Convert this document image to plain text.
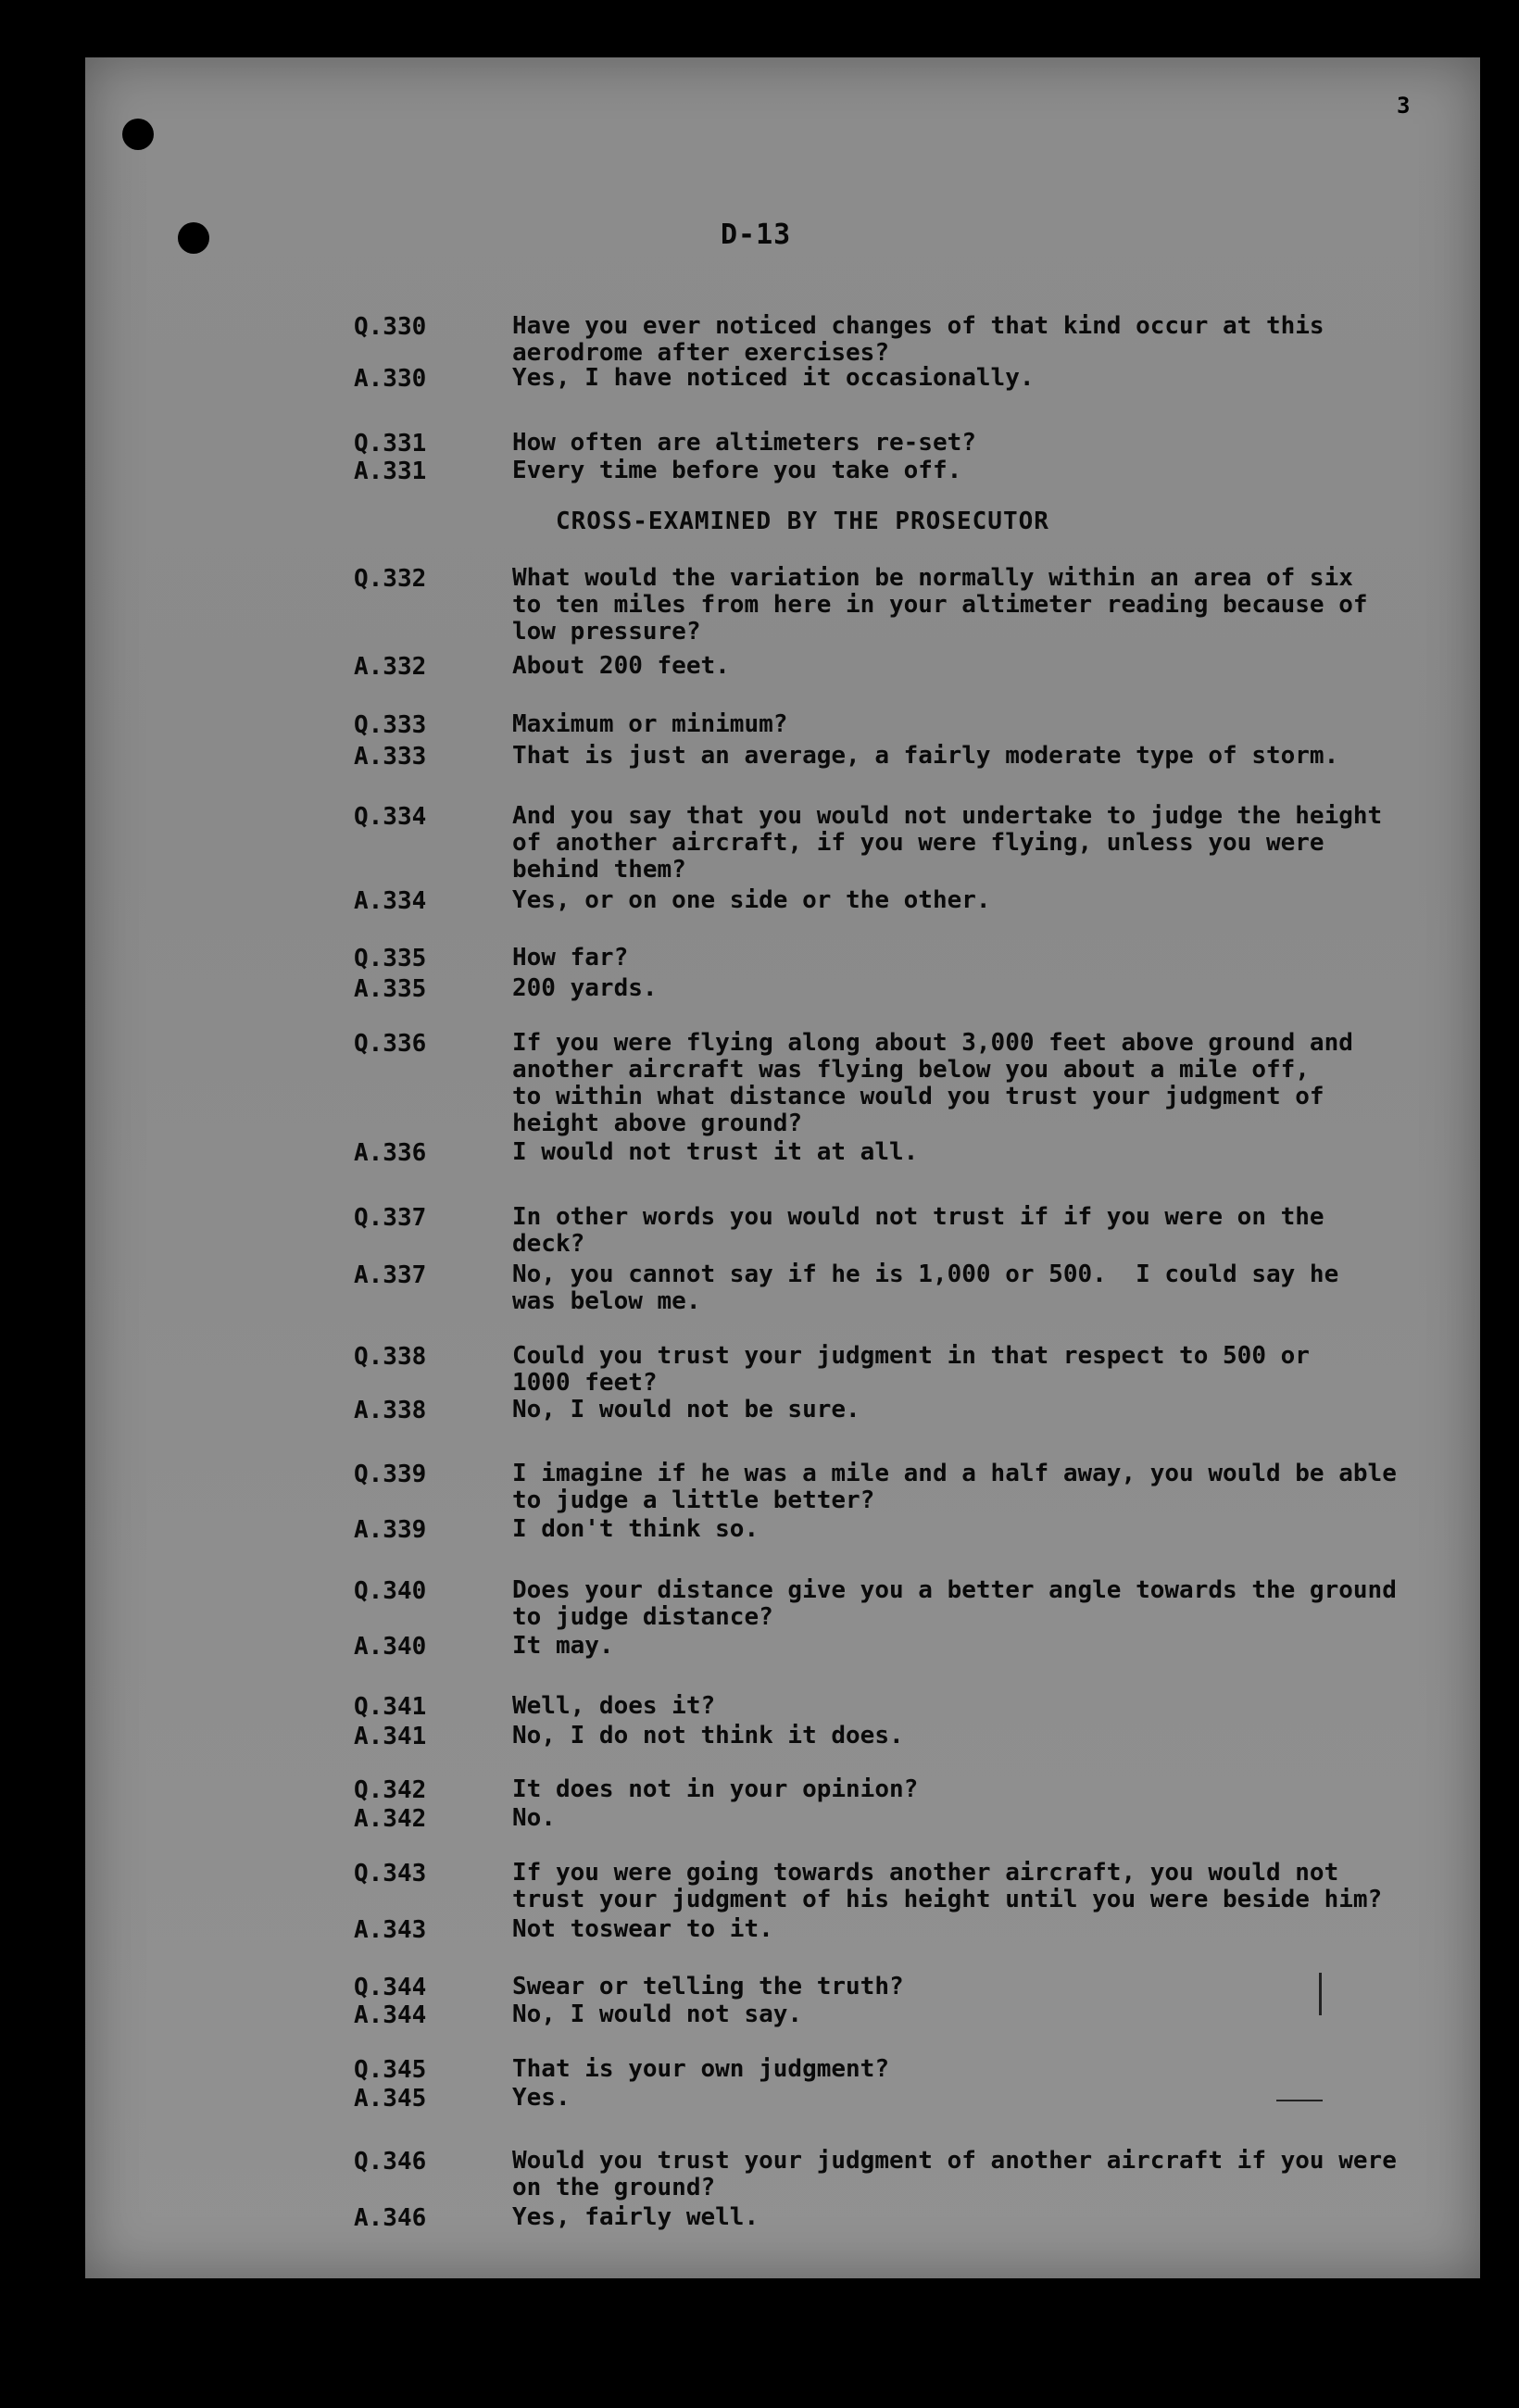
3
D-13
CROSS-EXAMINED BY THE PROSECUTOR
Q.330	Have you ever noticed changes of that kind occur at this
aerodrome after exercises?
A.330	Yes, I have noticed it occasionally.
Q.331	How often are altimeters re-set?
A.331	Every time before you take off.
Q.332	What would the variation be normally within an area of six
to ten miles from here in your altimeter reading because of
low pressure?
A.332	About 200 feet.
Q.333	Maximum or minimum?
A.333	That is just an average, a fairly moderate type of storm.
Q.334	And you say that you would not undertake to judge the height
of another aircraft, if you were flying, unless you were
behind them?
A.334	Yes, or on one side or the other.
Q.335	How far?
A.335	200 yards.
Q.336	If you were flying along about 3,000 feet above ground and
another aircraft was flying below you about a mile off,
to within what distance would you trust your judgment of
height above ground?
A.336	I would not trust it at all.
Q.337	In other words you would not trust if if you were on the
deck?
A.337	No, you cannot say if he is 1,000 or 500.  I could say he
was below me.
Q.338	Could you trust your judgment in that respect to 500 or
1000 feet?
A.338	No, I would not be sure.
Q.339	I imagine if he was a mile and a half away, you would be able
to judge a little better?
A.339	I don't think so.
Q.340	Does your distance give you a better angle towards the ground
to judge distance?
A.340	It may.
Q.341	Well, does it?
A.341	No, I do not think it does.
Q.342	It does not in your opinion?
A.342	No.
Q.343	If you were going towards another aircraft, you would not
trust your judgment of his height until you were beside him?
A.343	Not toswear to it.
Q.344	Swear or telling the truth?
A.344	No, I would not say.
Q.345	That is your own judgment?
A.345	Yes.
Q.346	Would you trust your judgment of another aircraft if you were
on the ground?
A.346	Yes, fairly well.
